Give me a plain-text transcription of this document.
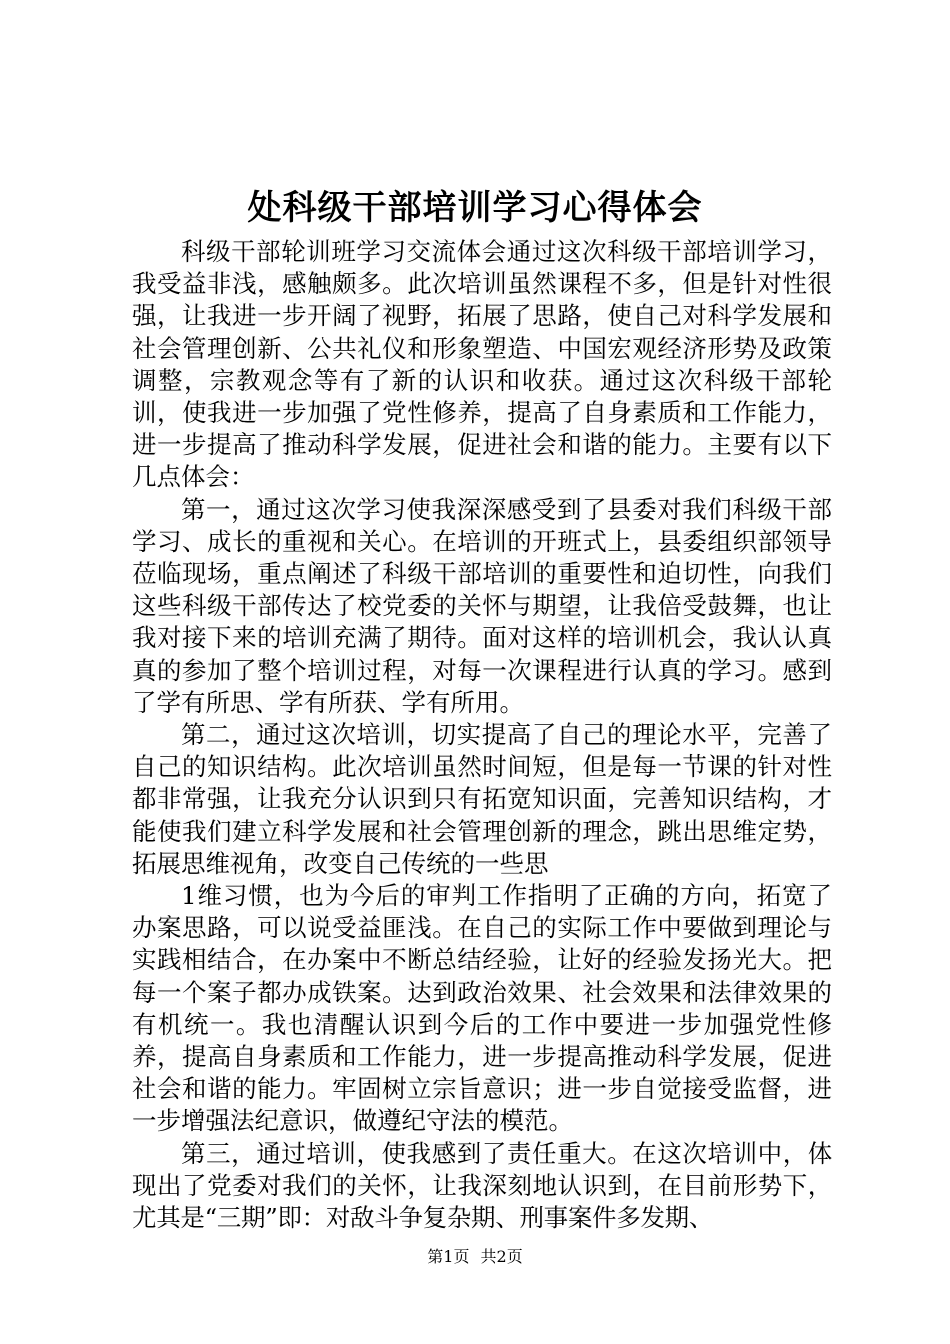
处科级干部培训学习心得体会

科级干部轮训班学习交流体会通过这次科级干部培训学习，我受益非浅，感触颇多。此次培训虽然课程不多，但是针对性很强，让我进一步开阔了视野，拓展了思路，使自己对科学发展和社会管理创新、公共礼仪和形象塑造、中国宏观经济形势及政策调整，宗教观念等有了新的认识和收获。通过这次科级干部轮训，使我进一步加强了党性修养，提高了自身素质和工作能力，进一步提高了推动科学发展，促进社会和谐的能力。主要有以下几点体会：

第一，通过这次学习使我深深感受到了县委对我们科级干部学习、成长的重视和关心。在培训的开班式上，县委组织部领导莅临现场，重点阐述了科级干部培训的重要性和迫切性，向我们这些科级干部传达了校党委的关怀与期望，让我倍受鼓舞，也让我对接下来的培训充满了期待。面对这样的培训机会，我认认真真的参加了整个培训过程，对每一次课程进行认真的学习。感到了学有所思、学有所获、学有所用。

第二，通过这次培训，切实提高了自己的理论水平，完善了自己的知识结构。此次培训虽然时间短，但是每一节课的针对性都非常强，让我充分认识到只有拓宽知识面，完善知识结构，才能使我们建立科学发展和社会管理创新的理念，跳出思维定势，拓展思维视角，改变自己传统的一些思

1维习惯，也为今后的审判工作指明了正确的方向，拓宽了办案思路，可以说受益匪浅。在自己的实际工作中要做到理论与实践相结合，在办案中不断总结经验，让好的经验发扬光大。把每一个案子都办成铁案。达到政治效果、社会效果和法律效果的有机统一。我也清醒认识到今后的工作中要进一步加强党性修养，提高自身素质和工作能力，进一步提高推动科学发展，促进社会和谐的能力。牢固树立宗旨意识；进一步自觉接受监督，进一步增强法纪意识，做遵纪守法的模范。

第三，通过培训，使我感到了责任重大。在这次培训中，体现出了党委对我们的关怀，让我深刻地认识到，在目前形势下，尤其是“三期”即：对敌斗争复杂期、刑事案件多发期、

第1页 共2页
